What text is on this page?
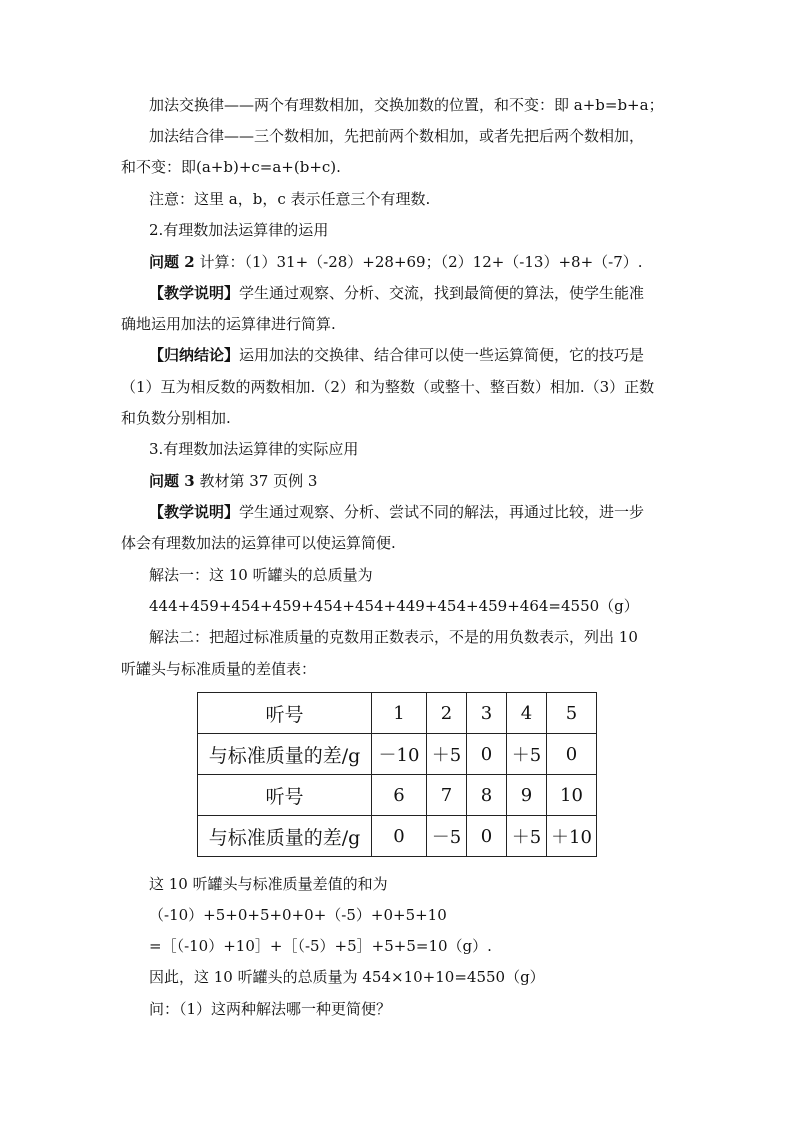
加法交换律——两个有理数相加，交换加数的位置，和不变：即 a+b=b+a；
加法结合律——三个数相加，先把前两个数相加，或者先把后两个数相加，
和不变：即(a+b)+c=a+(b+c).
注意：这里 a，b，c 表示任意三个有理数.
2.有理数加法运算律的运用
问题 2 计算：（1）31+（-28）+28+69；（2）12+（-13）+8+（-7）.
【教学说明】学生通过观察、分析、交流，找到最简便的算法，使学生能准
确地运用加法的运算律进行简算.
【归纳结论】运用加法的交换律、结合律可以使一些运算简便，它的技巧是
（1）互为相反数的两数相加.（2）和为整数（或整十、整百数）相加.（3）正数
和负数分别相加.
3.有理数加法运算律的实际应用
问题 3 教材第 37 页例 3
【教学说明】学生通过观察、分析、尝试不同的解法，再通过比较，进一步
体会有理数加法的运算律可以使运算简便.
解法一：这 10 听罐头的总质量为
444+459+454+459+454+454+449+454+459+464=4550（g）
解法二：把超过标准质量的克数用正数表示，不是的用负数表示，列出 10
听罐头与标准质量的差值表：
听号	1	2	3	4	5
与标准质量的差/g	－10	＋5	0	＋5	0
听号	6	7	8	9	10
与标准质量的差/g	0	－5	0	＋5	＋10
这 10 听罐头与标准质量差值的和为
（-10）+5+0+5+0+0+（-5）+0+5+10
=［（-10）+10］+［（-5）+5］+5+5=10（g）.
因此，这 10 听罐头的总质量为 454×10+10=4550（g）
问：（1）这两种解法哪一种更简便？
